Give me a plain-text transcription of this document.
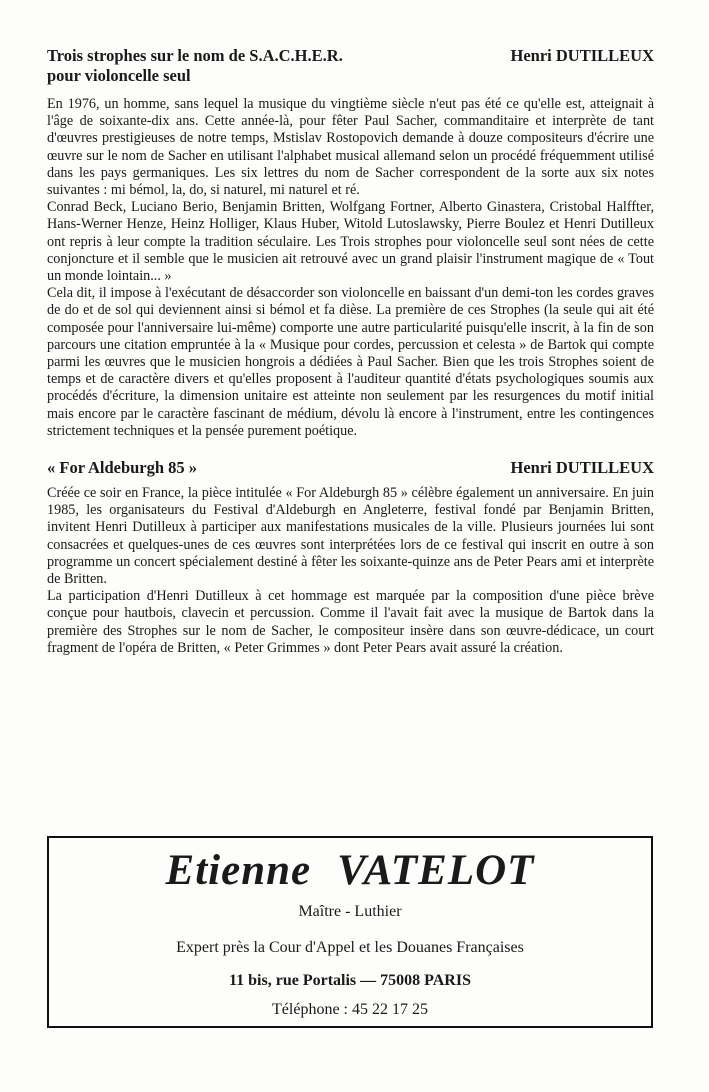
Trois strophes sur le nom de S.A.C.H.E.R.
pour violoncelle seul
Henri DUTILLEUX

En 1976, un homme, sans lequel la musique du vingtième siècle n'eut pas été ce qu'elle est, atteignait à l'âge de soixante-dix ans. Cette année-là, pour fêter Paul Sacher, commanditaire et interprète de tant d'œuvres prestigieuses de notre temps, Mstislav Rostopovich demande à douze compositeurs d'écrire une œuvre sur le nom de Sacher en utilisant l'alphabet musical allemand selon un procédé fréquemment utilisé dans les pays germaniques. Les six lettres du nom de Sacher correspondent de la sorte aux six notes suivantes : mi bémol, la, do, si naturel, mi naturel et ré.

Conrad Beck, Luciano Berio, Benjamin Britten, Wolfgang Fortner, Alberto Ginastera, Cristobal Halffter, Hans-Werner Henze, Heinz Holliger, Klaus Huber, Witold Lutoslawsky, Pierre Boulez et Henri Dutilleux ont repris à leur compte la tradition séculaire. Les Trois strophes pour violoncelle seul sont nées de cette conjoncture et il semble que le musicien ait retrouvé avec un grand plaisir l'instrument magique de « Tout un monde lointain... »

Cela dit, il impose à l'exécutant de désaccorder son violoncelle en baissant d'un demi-ton les cordes graves de do et de sol qui deviennent ainsi si bémol et fa dièse. La première de ces Strophes (la seule qui ait été composée pour l'anniversaire lui-même) comporte une autre particularité puisqu'elle inscrit, à la fin de son parcours une citation empruntée à la « Musique pour cordes, percussion et celesta » de Bartok qui compte parmi les œuvres que le musicien hongrois a dédiées à Paul Sacher. Bien que les trois Strophes soient de temps et de caractère divers et qu'elles proposent à l'auditeur quantité d'états psychologiques soumis aux procédés d'écriture, la dimension unitaire est atteinte non seulement par les resurgences du motif initial mais encore par le caractère fascinant de médium, dévolu là encore à l'instrument, entre les contingences strictement techniques et la pensée purement poétique.

« For Aldeburgh 85 »	Henri DUTILLEUX

Créée ce soir en France, la pièce intitulée « For Aldeburgh 85 » célèbre également un anniversaire. En juin 1985, les organisateurs du Festival d'Aldeburgh en Angleterre, festival fondé par Benjamin Britten, invitent Henri Dutilleux à participer aux manifestations musicales de la ville. Plusieurs journées lui sont consacrées et quelques-unes de ces œuvres sont interprétées lors de ce festival qui inscrit en outre à son programme un concert spécialement destiné à fêter les soixante-quinze ans de Peter Pears ami et interprète de Britten.

La participation d'Henri Dutilleux à cet hommage est marquée par la composition d'une pièce brève conçue pour hautbois, clavecin et percussion. Comme il l'avait fait avec la musique de Bartok dans la première des Strophes sur le nom de Sacher, le compositeur insère dans son œuvre-dédicace, un court fragment de l'opéra de Britten, « Peter Grimmes » dont Peter Pears avait assuré la création.

Etienne VATELOT
Maître - Luthier
Expert près la Cour d'Appel et les Douanes Françaises
11 bis, rue Portalis — 75008 PARIS
Téléphone : 45 22 17 25
